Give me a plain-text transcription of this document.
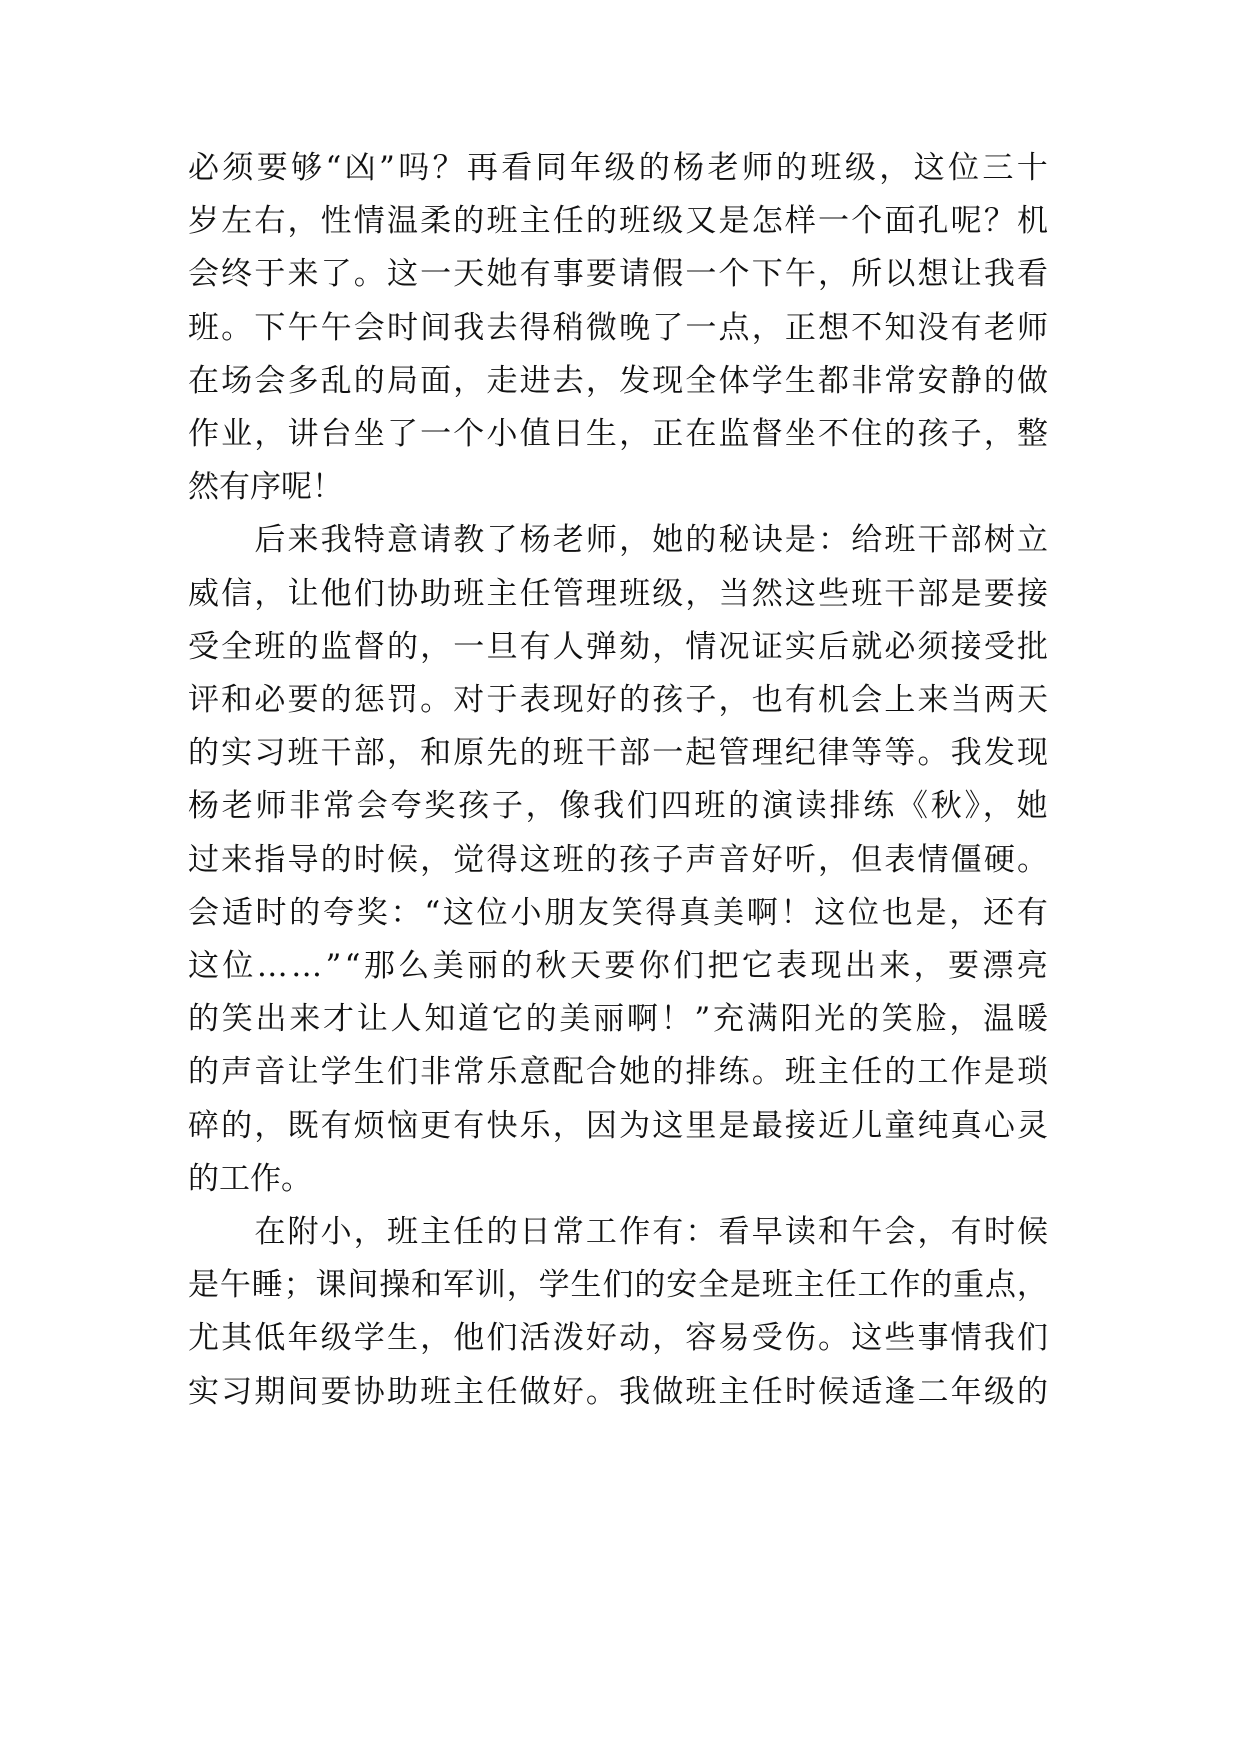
必须要够“凶”吗？再看同年级的杨老师的班级，这位三十
岁左右，性情温柔的班主任的班级又是怎样一个面孔呢？机
会终于来了。这一天她有事要请假一个下午，所以想让我看
班。下午午会时间我去得稍微晚了一点，正想不知没有老师
在场会多乱的局面，走进去，发现全体学生都非常安静的做
作业，讲台坐了一个小值日生，正在监督坐不住的孩子，整
然有序呢！
　　后来我特意请教了杨老师，她的秘诀是：给班干部树立
威信，让他们协助班主任管理班级，当然这些班干部是要接
受全班的监督的，一旦有人弹劾，情况证实后就必须接受批
评和必要的惩罚。对于表现好的孩子，也有机会上来当两天
的实习班干部，和原先的班干部一起管理纪律等等。我发现
杨老师非常会夸奖孩子，像我们四班的演读排练《秋》，她
过来指导的时候，觉得这班的孩子声音好听，但表情僵硬。
会适时的夸奖：“这位小朋友笑得真美啊！这位也是，还有
这位……”“那么美丽的秋天要你们把它表现出来，要漂亮
的笑出来才让人知道它的美丽啊！”充满阳光的笑脸，温暖
的声音让学生们非常乐意配合她的排练。班主任的工作是琐
碎的，既有烦恼更有快乐，因为这里是最接近儿童纯真心灵
的工作。
　　在附小，班主任的日常工作有：看早读和午会，有时候
是午睡；课间操和军训，学生们的安全是班主任工作的重点，
尤其低年级学生，他们活泼好动，容易受伤。这些事情我们
实习期间要协助班主任做好。我做班主任时候适逢二年级的
